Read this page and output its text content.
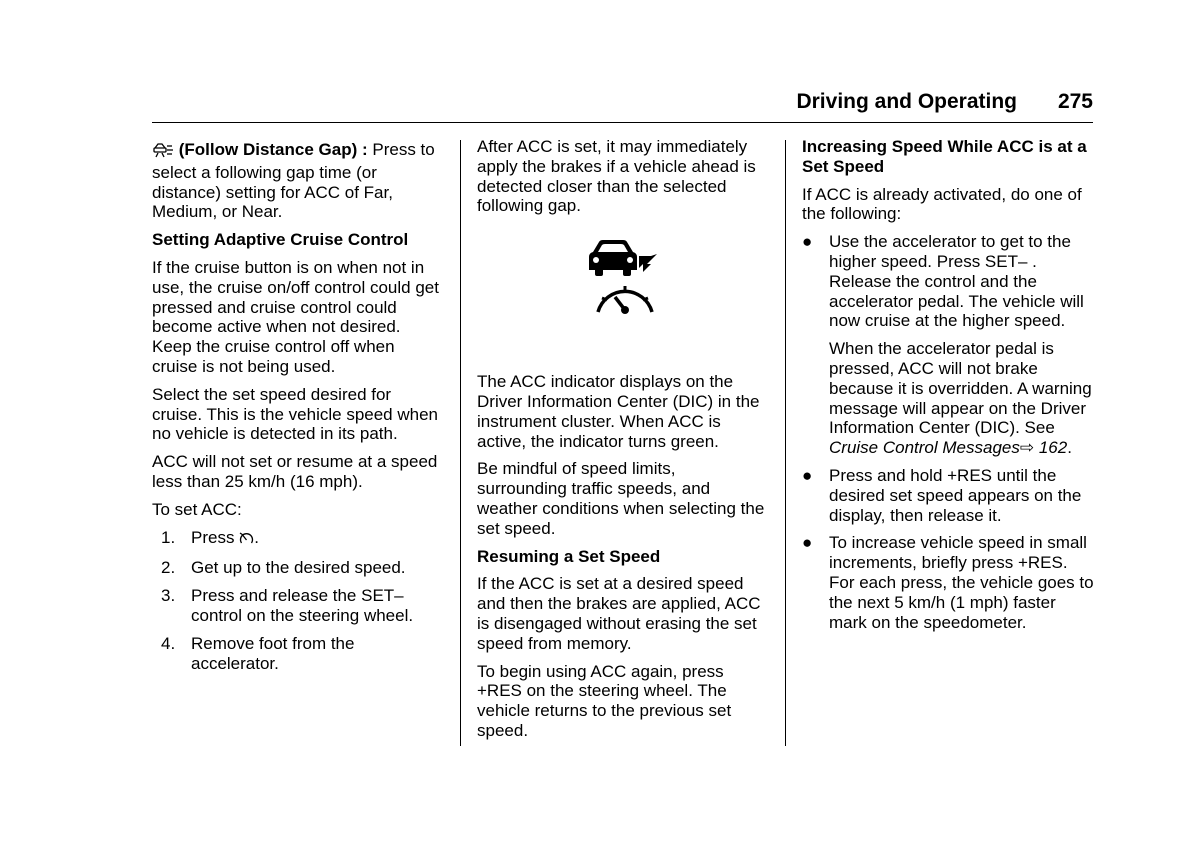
Driving and Operating 275

(Follow Distance Gap) : Press to select a following gap time (or distance) setting for ACC of Far, Medium, or Near.

Setting Adaptive Cruise Control

If the cruise button is on when not in use, the cruise on/off control could get pressed and cruise control could become active when not desired. Keep the cruise control off when cruise is not being used.

Select the set speed desired for cruise. This is the vehicle speed when no vehicle is detected in its path.

ACC will not set or resume at a speed less than 25 km/h (16 mph).

To set ACC:

1. Press .
2. Get up to the desired speed.
3. Press and release the SET– control on the steering wheel.
4. Remove foot from the accelerator.

After ACC is set, it may immediately apply the brakes if a vehicle ahead is detected closer than the selected following gap.

The ACC indicator displays on the Driver Information Center (DIC) in the instrument cluster. When ACC is active, the indicator turns green.

Be mindful of speed limits, surrounding traffic speeds, and weather conditions when selecting the set speed.

Resuming a Set Speed

If the ACC is set at a desired speed and then the brakes are applied, ACC is disengaged without erasing the set speed from memory.

To begin using ACC again, press +RES on the steering wheel. The vehicle returns to the previous set speed.

Increasing Speed While ACC is at a Set Speed

If ACC is already activated, do one of the following:

● Use the accelerator to get to the higher speed. Press SET– . Release the control and the accelerator pedal. The vehicle will now cruise at the higher speed.

When the accelerator pedal is pressed, ACC will not brake because it is overridden. A warning message will appear on the Driver Information Center (DIC). See Cruise Control Messages⇨ 162.

● Press and hold +RES until the desired set speed appears on the display, then release it.
● To increase vehicle speed in small increments, briefly press +RES. For each press, the vehicle goes to the next 5 km/h (1 mph) faster mark on the speedometer.
